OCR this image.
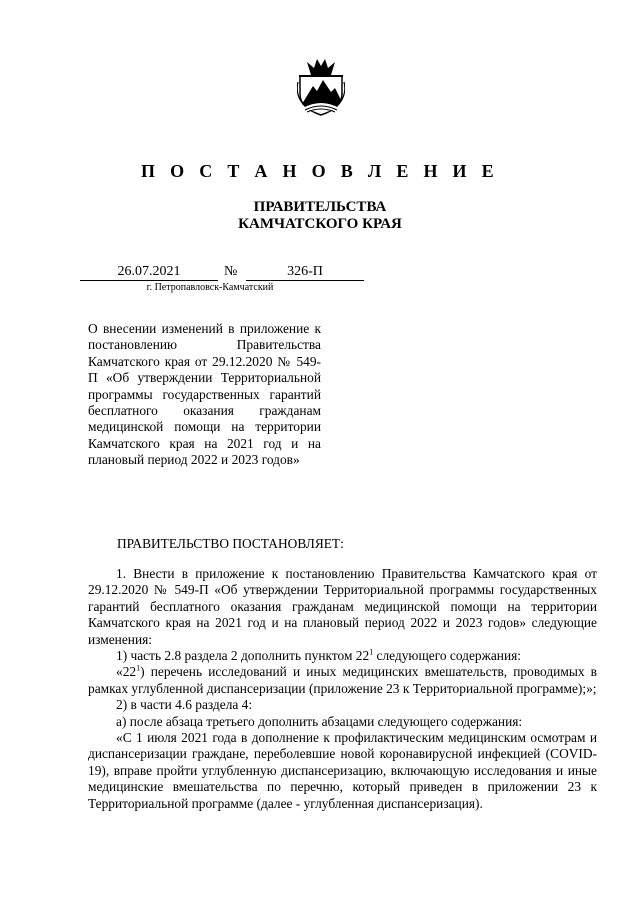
П О С Т А Н О В Л Е Н И Е
ПРАВИТЕЛЬСТВА
КАМЧАТСКОГО КРАЯ
26.07.2021	№	326-П
г. Петропавловск-Камчатский
О внесении изменений в приложение к постановлению Правительства Камчатского края от 29.12.2020 № 549-П «Об утверждении Территориальной программы государственных гарантий бесплатного оказания гражданам медицинской помощи на территории Камчатского края на 2021 год и на плановый период 2022 и 2023 годов»
ПРАВИТЕЛЬСТВО ПОСТАНОВЛЯЕТ:

1. Внести в приложение к постановлению Правительства Камчатского края от 29.12.2020 № 549-П «Об утверждении Территориальной программы государственных гарантий бесплатного оказания гражданам медицинской помощи на территории Камчатского края на 2021 год и на плановый период 2022 и 2023 годов» следующие изменения:

1) часть 2.8 раздела 2 дополнить пунктом $22^1$ следующего содержания:

«$22^1$) перечень исследований и иных медицинских вмешательств, проводимых в рамках углубленной диспансеризации (приложение 23 к Территориальной программе);»;

2) в части 4.6 раздела 4:

а) после абзаца третьего дополнить абзацами следующего содержания:

«С 1 июля 2021 года в дополнение к профилактическим медицинским осмотрам и диспансеризации граждане, переболевшие новой коронавирусной инфекцией (COVID-19), вправе пройти углубленную диспансеризацию, включающую исследования и иные медицинские вмешательства по перечню, который приведен в приложении 23 к Территориальной программе (далее - углубленная диспансеризация).
